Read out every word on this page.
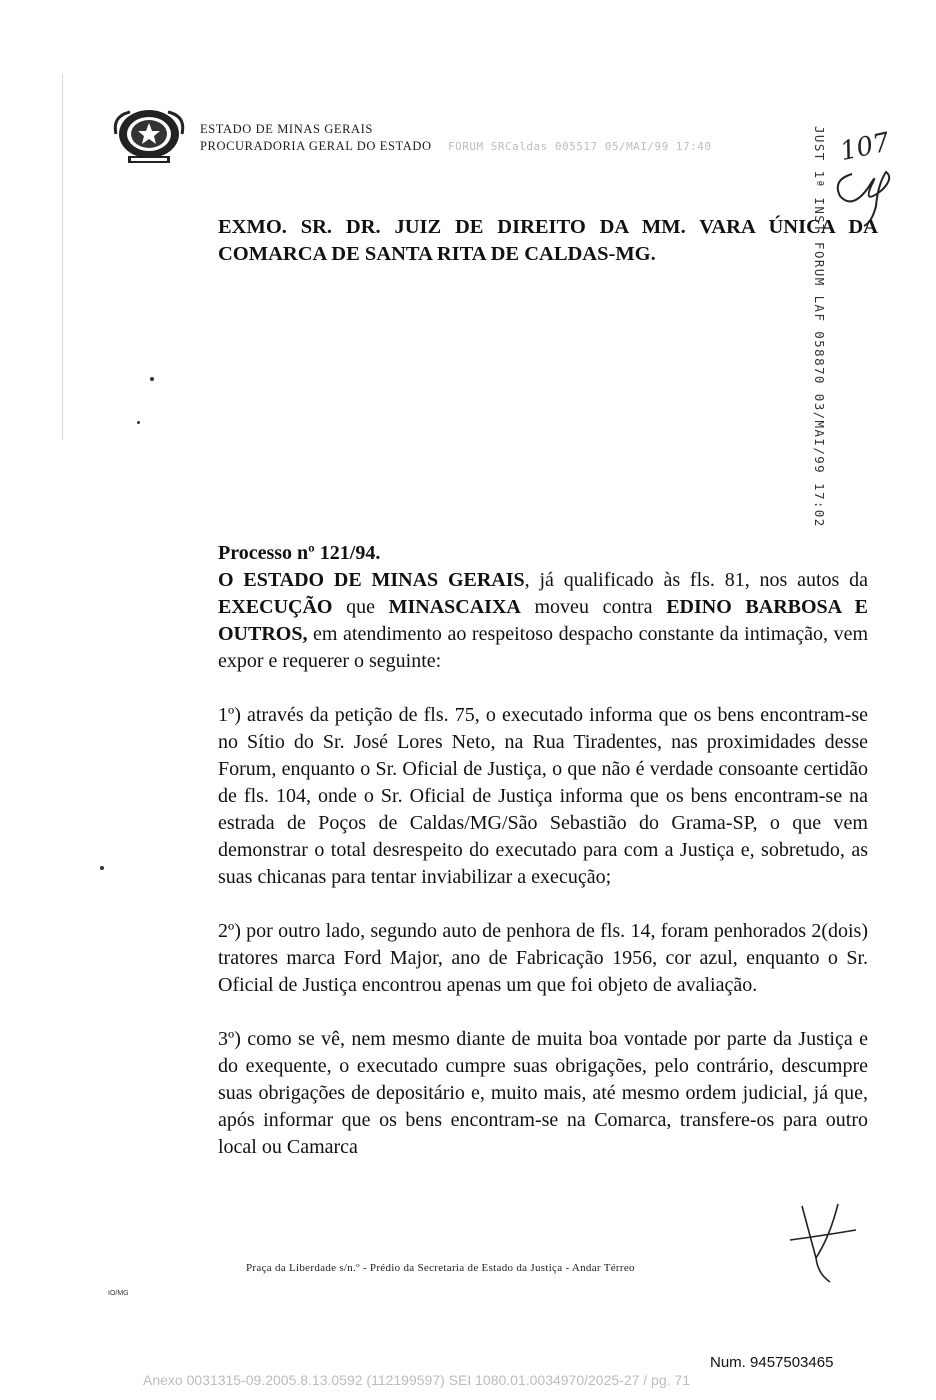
ESTADO DE MINAS GERAIS
PROCURADORIA GERAL DO ESTADO FORUM SRCaldas 005517 05/MAI/99 17:40	JUST 1ª INST FORUM LAF 058870 03/MAI/99 17:02 107
EXMO. SR. DR. JUIZ DE DIREITO DA MM. VARA ÚNICA DA
COMARCA DE SANTA RITA DE CALDAS-MG.

Processo nº 121/94.

O ESTADO DE MINAS GERAIS, já qualificado às fls. 81, nos autos da EXECUÇÃO que MINASCAIXA moveu contra EDINO BARBOSA E OUTROS, em atendimento ao respeitoso despacho constante da intimação, vem expor e requerer o seguinte:

1º) através da petição de fls. 75, o executado informa que os bens encontram-se no Sítio do Sr. José Lores Neto, na Rua Tiradentes, nas proximidades desse Forum, enquanto o Sr. Oficial de Justiça, o que não é verdade consoante certidão de fls. 104, onde o Sr. Oficial de Justiça informa que os bens encontram-se na estrada de Poços de Caldas/MG/São Sebastião do Grama-SP, o que vem demonstrar o total desrespeito do executado para com a Justiça e, sobretudo, as suas chicanas para tentar inviabilizar a execução;

2º) por outro lado, segundo auto de penhora de fls. 14, foram penhorados 2(dois) tratores marca Ford Major, ano de Fabricação 1956, cor azul, enquanto o Sr. Oficial de Justiça encontrou apenas um que foi objeto de avaliação.

3º) como se vê, nem mesmo diante de muita boa vontade por parte da Justiça e do exequente, o executado cumpre suas obrigações, pelo contrário, descumpre suas obrigações de depositário e, muito mais, até mesmo ordem judicial, já que, após informar que os bens encontram-se na Comarca, transfere-os para outro local ou Camarca

Praça da Liberdade s/n.º - Prédio da Secretaria de Estado da Justiça - Andar Térreo
IO/MG
Num. 9457503465
Anexo 0031315-09.2005.8.13.0592 (112199597) SEI 1080.01.0034970/2025-27 / pg. 71
